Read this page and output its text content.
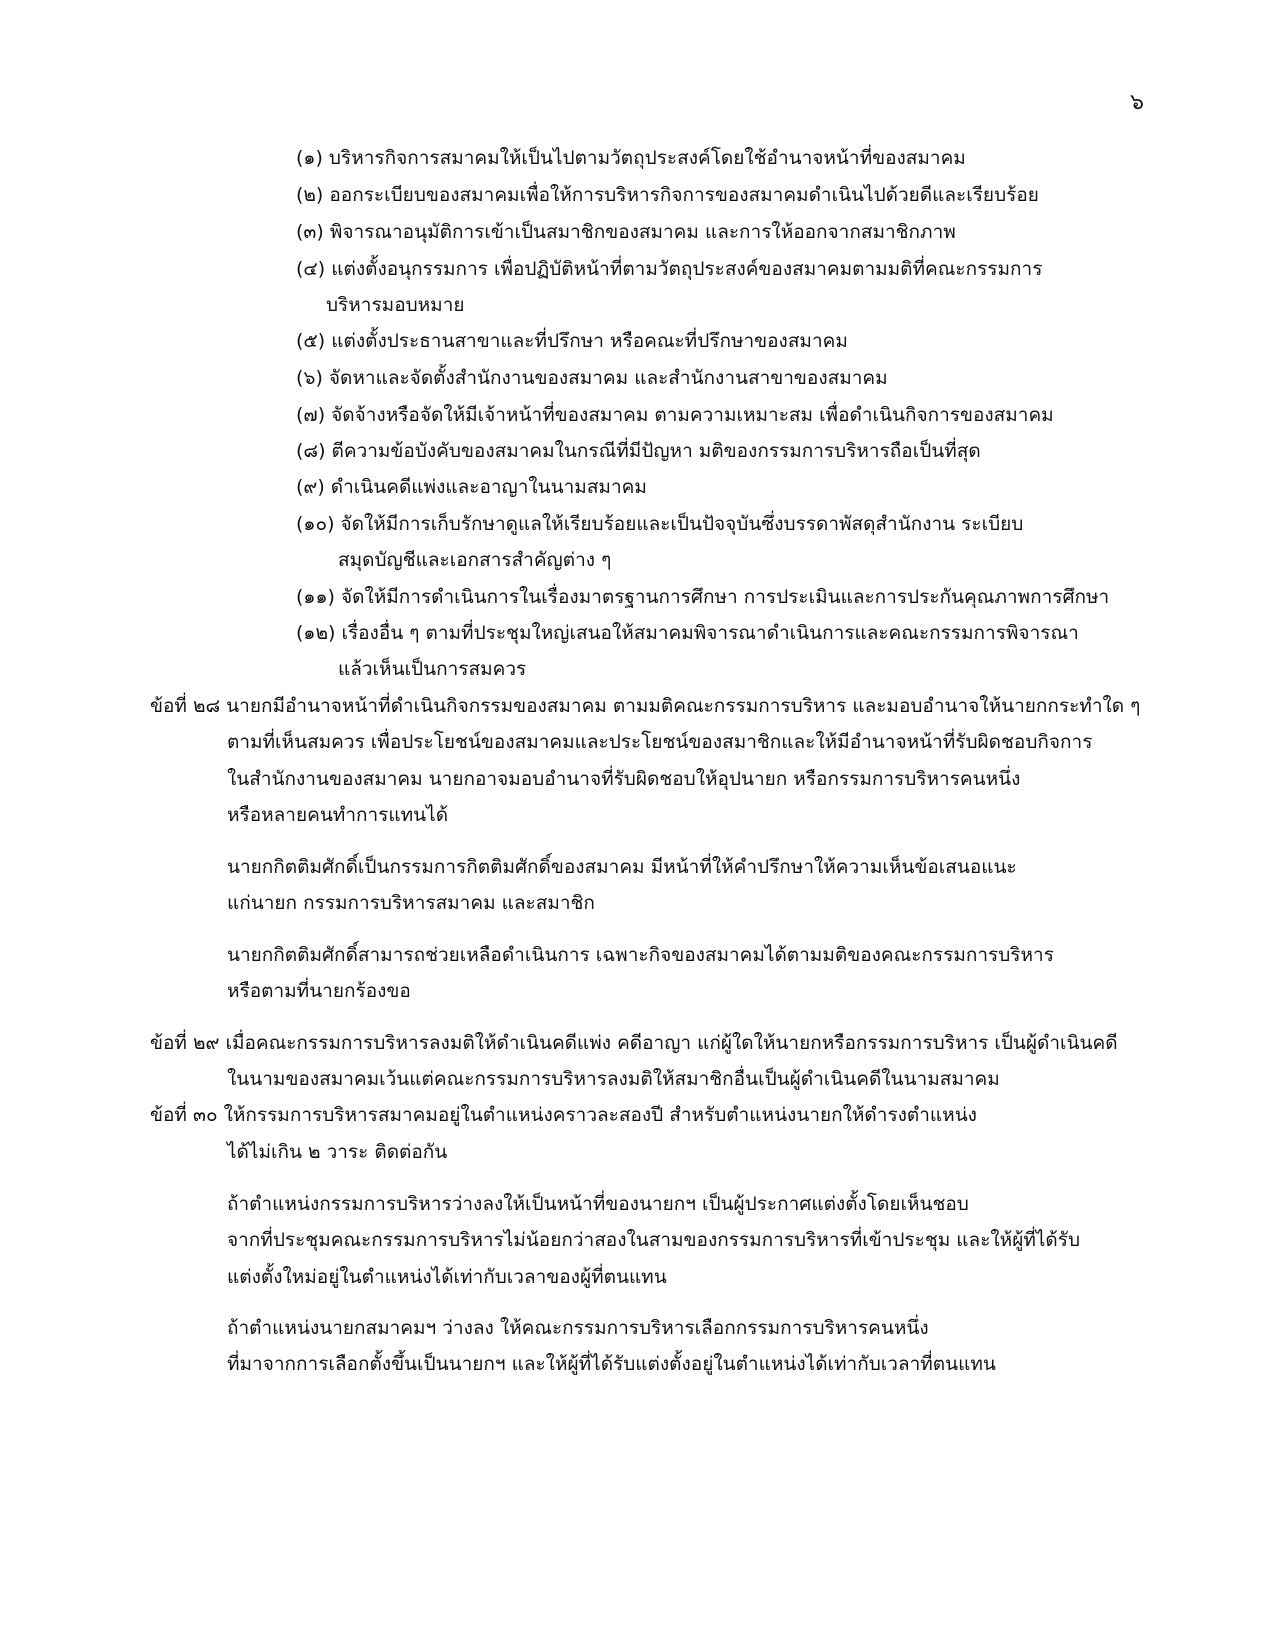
๖
(๑) บริหารกิจการสมาคมให้เป็นไปตามวัตถุประสงค์โดยใช้อำนาจหน้าที่ของสมาคม
(๒) ออกระเบียบของสมาคมเพื่อให้การบริหารกิจการของสมาคมดำเนินไปด้วยดีและเรียบร้อย
(๓) พิจารณาอนุมัติการเข้าเป็นสมาชิกของสมาคม และการให้ออกจากสมาชิกภาพ
(๔) แต่งตั้งอนุกรรมการ เพื่อปฏิบัติหน้าที่ตามวัตถุประสงค์ของสมาคมตามมติที่คณะกรรมการ
บริหารมอบหมาย
(๕) แต่งตั้งประธานสาขาและที่ปรึกษา หรือคณะที่ปรึกษาของสมาคม
(๖) จัดหาและจัดตั้งสำนักงานของสมาคม และสำนักงานสาขาของสมาคม
(๗) จัดจ้างหรือจัดให้มีเจ้าหน้าที่ของสมาคม ตามความเหมาะสม เพื่อดำเนินกิจการของสมาคม
(๘) ตีความข้อบังคับของสมาคมในกรณีที่มีปัญหา มติของกรรมการบริหารถือเป็นที่สุด
(๙) ดำเนินคดีแพ่งและอาญาในนามสมาคม
(๑๐) จัดให้มีการเก็บรักษาดูแลให้เรียบร้อยและเป็นปัจจุบันซึ่งบรรดาพัสดุสำนักงาน ระเบียบ
สมุดบัญชีและเอกสารสำคัญต่าง ๆ
(๑๑) จัดให้มีการดำเนินการในเรื่องมาตรฐานการศึกษา การประเมินและการประกันคุณภาพการศึกษา
(๑๒) เรื่องอื่น ๆ ตามที่ประชุมใหญ่เสนอให้สมาคมพิจารณาดำเนินการและคณะกรรมการพิจารณา
แล้วเห็นเป็นการสมควร
ข้อที่ ๒๘ นายกมีอำนาจหน้าที่ดำเนินกิจกรรมของสมาคม ตามมติคณะกรรมการบริหาร และมอบอำนาจให้นายกกระทำใด ๆ
ตามที่เห็นสมควร เพื่อประโยชน์ของสมาคมและประโยชน์ของสมาชิกและให้มีอำนาจหน้าที่รับผิดชอบกิจการ
ในสำนักงานของสมาคม นายกอาจมอบอำนาจที่รับผิดชอบให้อุปนายก หรือกรรมการบริหารคนหนึ่ง
หรือหลายคนทำการแทนได้
นายกกิตติมศักดิ์เป็นกรรมการกิตติมศักดิ์ของสมาคม มีหน้าที่ให้คำปรึกษาให้ความเห็นข้อเสนอแนะ
แก่นายก กรรมการบริหารสมาคม และสมาชิก
นายกกิตติมศักดิ์สามารถช่วยเหลือดำเนินการ เฉพาะกิจของสมาคมได้ตามมติของคณะกรรมการบริหาร
หรือตามที่นายกร้องขอ
ข้อที่ ๒๙ เมื่อคณะกรรมการบริหารลงมติให้ดำเนินคดีแพ่ง คดีอาญา แก่ผู้ใดให้นายกหรือกรรมการบริหาร เป็นผู้ดำเนินคดี
ในนามของสมาคมเว้นแต่คณะกรรมการบริหารลงมติให้สมาชิกอื่นเป็นผู้ดำเนินคดีในนามสมาคม
ข้อที่ ๓๐ ให้กรรมการบริหารสมาคมอยู่ในตำแหน่งคราวละสองปี สำหรับตำแหน่งนายกให้ดำรงตำแหน่ง
ได้ไม่เกิน ๒ วาระ ติดต่อกัน
ถ้าตำแหน่งกรรมการบริหารว่างลงให้เป็นหน้าที่ของนายกฯ เป็นผู้ประกาศแต่งตั้งโดยเห็นชอบ
จากที่ประชุมคณะกรรมการบริหารไม่น้อยกว่าสองในสามของกรรมการบริหารที่เข้าประชุม และให้ผู้ที่ได้รับ
แต่งตั้งใหม่อยู่ในตำแหน่งได้เท่ากับเวลาของผู้ที่ตนแทน
ถ้าตำแหน่งนายกสมาคมฯ ว่างลง ให้คณะกรรมการบริหารเลือกกรรมการบริหารคนหนึ่ง
ที่มาจากการเลือกตั้งขึ้นเป็นนายกฯ และให้ผู้ที่ได้รับแต่งตั้งอยู่ในตำแหน่งได้เท่ากับเวลาที่ตนแทน
